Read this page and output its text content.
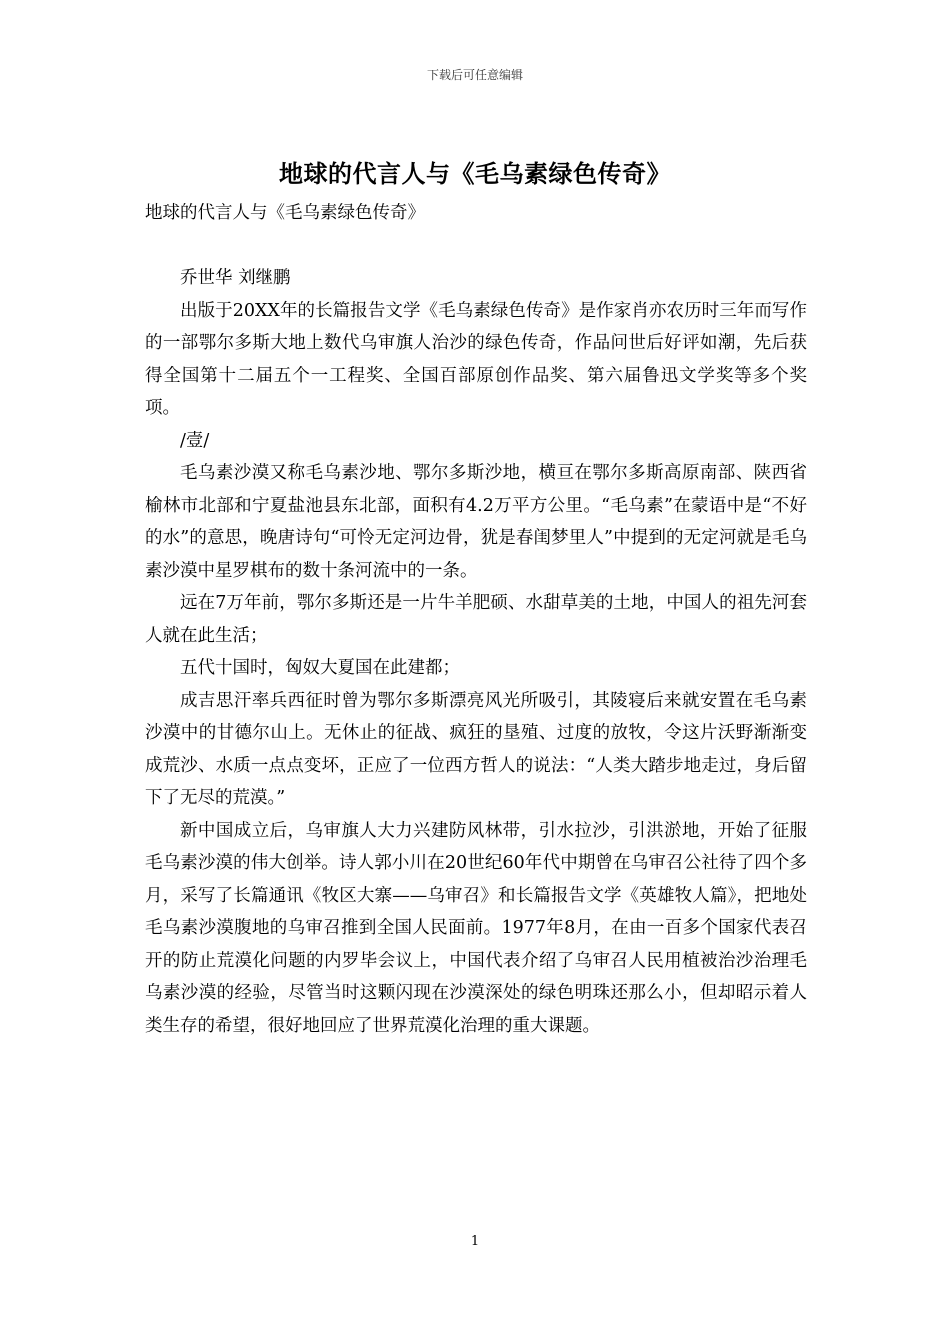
下载后可任意编辑
地球的代言人与《毛乌素绿色传奇》

地球的代言人与《毛乌素绿色传奇》

乔世华 刘继鹏

出版于20XX年的长篇报告文学《毛乌素绿色传奇》是作家肖亦农历时三年而写作的一部鄂尔多斯大地上数代乌审旗人治沙的绿色传奇，作品问世后好评如潮，先后获得全国第十二届五个一工程奖、全国百部原创作品奖、第六届鲁迅文学奖等多个奖项。

/壹/

毛乌素沙漠又称毛乌素沙地、鄂尔多斯沙地，横亘在鄂尔多斯高原南部、陕西省榆林市北部和宁夏盐池县东北部，面积有4.2万平方公里。“毛乌素”在蒙语中是“不好的水”的意思，晚唐诗句“可怜无定河边骨，犹是春闺梦里人”中提到的无定河就是毛乌素沙漠中星罗棋布的数十条河流中的一条。

远在7万年前，鄂尔多斯还是一片牛羊肥硕、水甜草美的土地，中国人的祖先河套人就在此生活；

五代十国时，匈奴大夏国在此建都；

成吉思汗率兵西征时曾为鄂尔多斯漂亮风光所吸引，其陵寝后来就安置在毛乌素沙漠中的甘德尔山上。无休止的征战、疯狂的垦殖、过度的放牧，令这片沃野渐渐变成荒沙、水质一点点变坏，正应了一位西方哲人的说法：“人类大踏步地走过，身后留下了无尽的荒漠。”

新中国成立后，乌审旗人大力兴建防风林带，引水拉沙，引洪淤地，开始了征服毛乌素沙漠的伟大创举。诗人郭小川在20世纪60年代中期曾在乌审召公社待了四个多月，采写了长篇通讯《牧区大寨——乌审召》和长篇报告文学《英雄牧人篇》，把地处毛乌素沙漠腹地的乌审召推到全国人民面前。1977年8月，在由一百多个国家代表召开的防止荒漠化问题的内罗毕会议上，中国代表介绍了乌审召人民用植被治沙治理毛乌素沙漠的经验，尽管当时这颗闪现在沙漠深处的绿色明珠还那么小，但却昭示着人类生存的希望，很好地回应了世界荒漠化治理的重大课题。

1
